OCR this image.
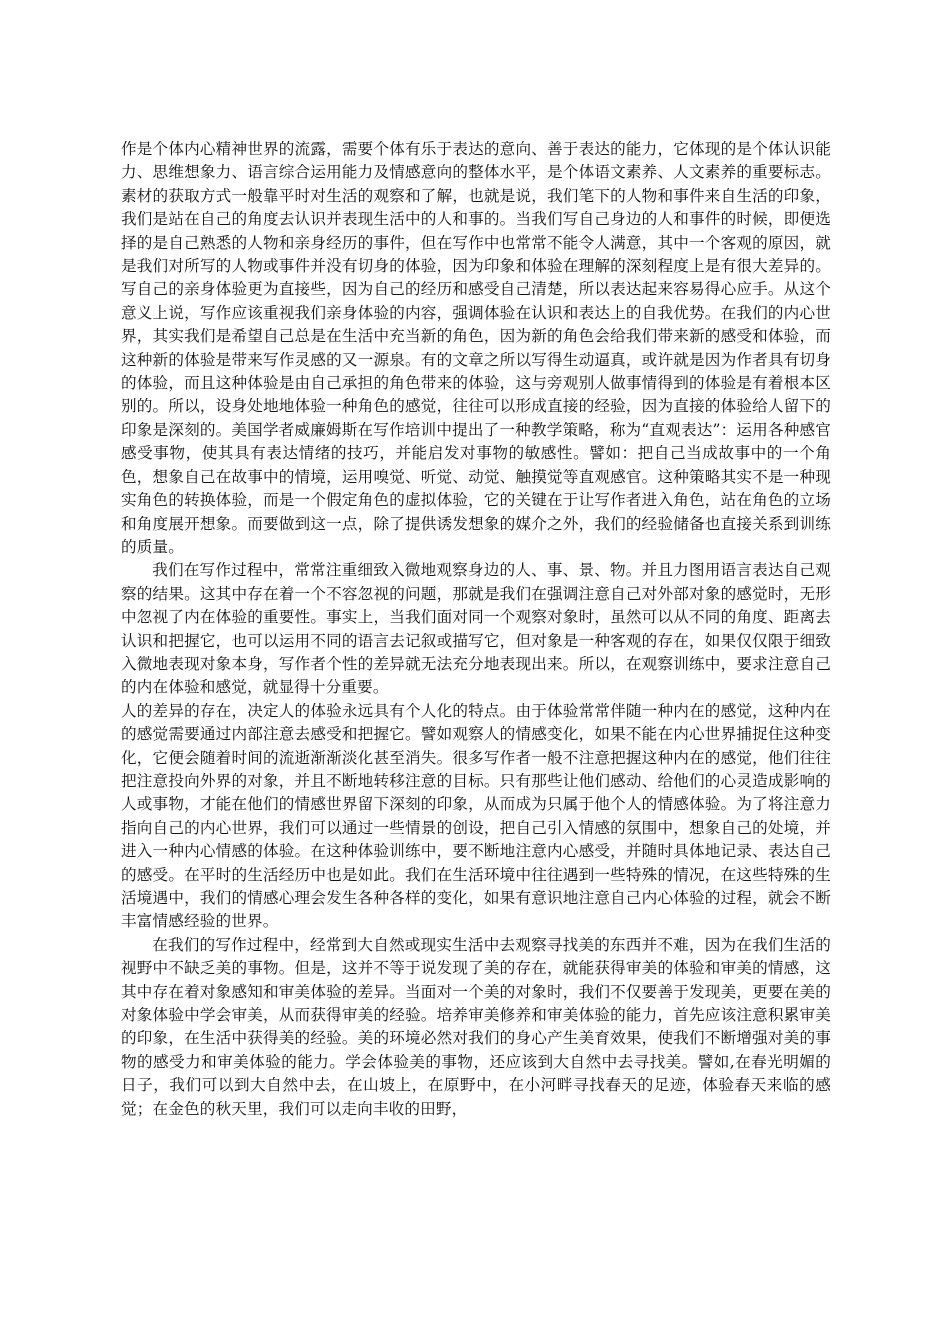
作是个体内心精神世界的流露，需要个体有乐于表达的意向、善于表达的能力，它体现的是个体认识能力、思维想象力、语言综合运用能力及情感意向的整体水平，是个体语文素养、人文素养的重要标志。素材的获取方式一般靠平时对生活的观察和了解，也就是说，我们笔下的人物和事件来自生活的印象，我们是站在自己的角度去认识并表现生活中的人和事的。当我们写自己身边的人和事件的时候，即便选择的是自己熟悉的人物和亲身经历的事件，但在写作中也常常不能令人满意，其中一个客观的原因，就是我们对所写的人物或事件并没有切身的体验，因为印象和体验在理解的深刻程度上是有很大差异的。写自己的亲身体验更为直接些，因为自己的经历和感受自己清楚，所以表达起来容易得心应手。从这个意义上说，写作应该重视我们亲身体验的内容，强调体验在认识和表达上的自我优势。在我们的内心世界，其实我们是希望自己总是在生活中充当新的角色，因为新的角色会给我们带来新的感受和体验，而这种新的体验是带来写作灵感的又一源泉。有的文章之所以写得生动逼真，或许就是因为作者具有切身的体验，而且这种体验是由自己承担的角色带来的体验，这与旁观别人做事情得到的体验是有着根本区别的。所以，设身处地地体验一种角色的感觉，往往可以形成直接的经验，因为直接的体验给人留下的印象是深刻的。美国学者威廉姆斯在写作培训中提出了一种教学策略，称为“直观表达”：运用各种感官感受事物，使其具有表达情绪的技巧，并能启发对事物的敏感性。譬如：把自己当成故事中的一个角色，想象自己在故事中的情境，运用嗅觉、听觉、动觉、触摸觉等直观感官。这种策略其实不是一种现实角色的转换体验，而是一个假定角色的虚拟体验，它的关键在于让写作者进入角色，站在角色的立场和角度展开想象。而要做到这一点，除了提供诱发想象的媒介之外，我们的经验储备也直接关系到训练的质量。

我们在写作过程中，常常注重细致入微地观察身边的人、事、景、物。并且力图用语言表达自己观察的结果。这其中存在着一个不容忽视的问题，那就是我们在强调注意自己对外部对象的感觉时，无形中忽视了内在体验的重要性。事实上，当我们面对同一个观察对象时，虽然可以从不同的角度、距离去认识和把握它，也可以运用不同的语言去记叙或描写它，但对象是一种客观的存在，如果仅仅限于细致入微地表现对象本身，写作者个性的差异就无法充分地表现出来。所以，在观察训练中，要求注意自己的内在体验和感觉，就显得十分重要。

人的差异的存在，决定人的体验永远具有个人化的特点。由于体验常常伴随一种内在的感觉，这种内在的感觉需要通过内部注意去感受和把握它。譬如观察人的情感变化，如果不能在内心世界捕捉住这种变化，它便会随着时间的流逝渐渐淡化甚至消失。很多写作者一般不注意把握这种内在的感觉，他们往往把注意投向外界的对象，并且不断地转移注意的目标。只有那些让他们感动、给他们的心灵造成影响的人或事物，才能在他们的情感世界留下深刻的印象，从而成为只属于他个人的情感体验。为了将注意力指向自己的内心世界，我们可以通过一些情景的创设，把自己引入情感的氛围中，想象自己的处境，并进入一种内心情感的体验。在这种体验训练中，要不断地注意内心感受，并随时具体地记录、表达自己的感受。在平时的生活经历中也是如此。我们在生活环境中往往遇到一些特殊的情况，在这些特殊的生活境遇中，我们的情感心理会发生各种各样的变化，如果有意识地注意自己内心体验的过程，就会不断丰富情感经验的世界。

在我们的写作过程中，经常到大自然或现实生活中去观察寻找美的东西并不难，因为在我们生活的视野中不缺乏美的事物。但是，这并不等于说发现了美的存在，就能获得审美的体验和审美的情感，这其中存在着对象感知和审美体验的差异。当面对一个美的对象时，我们不仅要善于发现美，更要在美的对象体验中学会审美，从而获得审美的经验。培养审美修养和审美体验的能力，首先应该注意积累审美的印象，在生活中获得美的经验。美的环境必然对我们的身心产生美育效果，使我们不断增强对美的事物的感受力和审美体验的能力。学会体验美的事物，还应该到大自然中去寻找美。譬如,在春光明媚的日子，我们可以到大自然中去，在山坡上，在原野中，在小河畔寻找春天的足迹，体验春天来临的感觉；在金色的秋天里，我们可以走向丰收的田野，
